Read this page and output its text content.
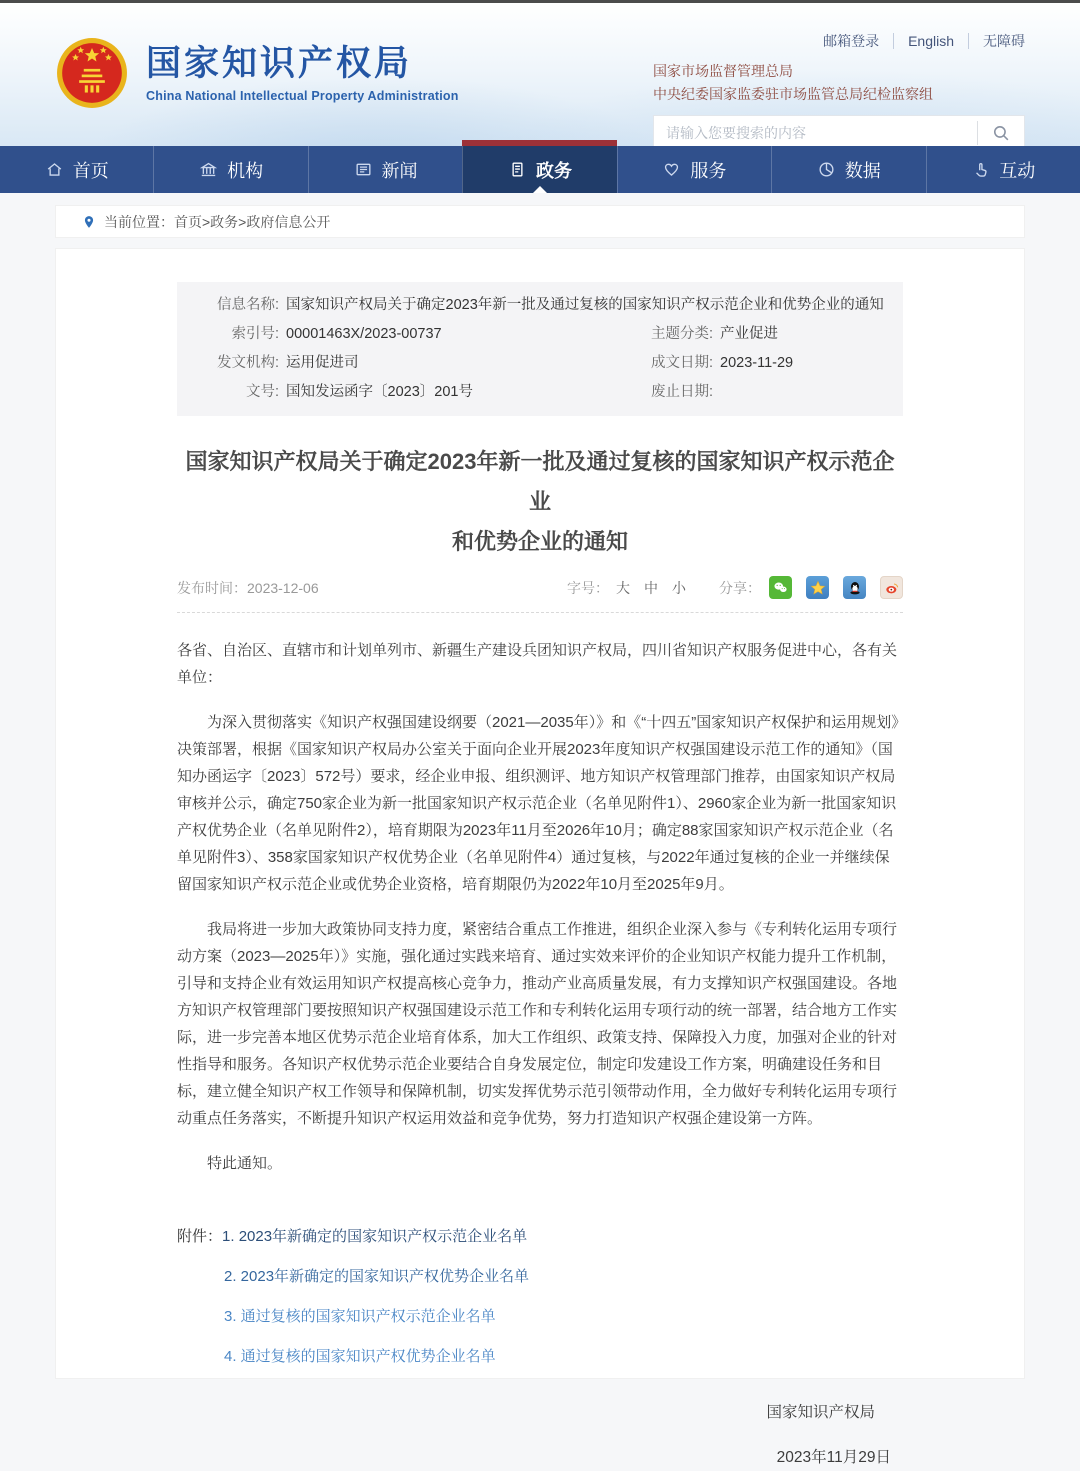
国家知识产权局
China National Intellectual Property Administration
邮箱登录 English 无障碍
国家市场监督管理总局
中央纪委国家监委驻市场监管总局纪检监察组
请输入您要搜索的内容
首页	机构	新闻	政务	服务	数据	互动
当前位置： 首页>政务>政府信息公开
信息名称: 国家知识产权局关于确定2023年新一批及通过复核的国家知识产权示范企业和优势企业的通知
索引号: 00001463X/2023-00737	主题分类: 产业促进
发文机构: 运用促进司	成文日期: 2023-11-29
文号: 国知发运函字〔2023〕201号	废止日期:
国家知识产权局关于确定2023年新一批及通过复核的国家知识产权示范企业
和优势企业的通知
发布时间：2023-12-06	字号： 大 中 小 分享：

各省、自治区、直辖市和计划单列市、新疆生产建设兵团知识产权局，四川省知识产权服务促进中心，各有关单位：

为深入贯彻落实《知识产权强国建设纲要（2021—2035年）》和《“十四五”国家知识产权保护和运用规划》决策部署，根据《国家知识产权局办公室关于面向企业开展2023年度知识产权强国建设示范工作的通知》（国知办函运字〔2023〕572号）要求，经企业申报、组织测评、地方知识产权管理部门推荐，由国家知识产权局审核并公示，确定750家企业为新一批国家知识产权示范企业（名单见附件1）、2960家企业为新一批国家知识产权优势企业（名单见附件2），培育期限为2023年11月至2026年10月；确定88家国家知识产权示范企业（名单见附件3）、358家国家知识产权优势企业（名单见附件4）通过复核，与2022年通过复核的企业一并继续保留国家知识产权示范企业或优势企业资格，培育期限仍为2022年10月至2025年9月。

我局将进一步加大政策协同支持力度，紧密结合重点工作推进，组织企业深入参与《专利转化运用专项行动方案（2023—2025年）》实施，强化通过实践来培育、通过实效来评价的企业知识产权能力提升工作机制，引导和支持企业有效运用知识产权提高核心竞争力，推动产业高质量发展，有力支撑知识产权强国建设。各地方知识产权管理部门要按照知识产权强国建设示范工作和专利转化运用专项行动的统一部署，结合地方工作实际，进一步完善本地区优势示范企业培育体系，加大工作组织、政策支持、保障投入力度，加强对企业的针对性指导和服务。各知识产权优势示范企业要结合自身发展定位，制定印发建设工作方案，明确建设任务和目标，建立健全知识产权工作领导和保障机制，切实发挥优势示范引领带动作用，全力做好专利转化运用专项行动重点任务落实，不断提升知识产权运用效益和竞争优势，努力打造知识产权强企建设第一方阵。

特此通知。

附件：1. 2023年新确定的国家知识产权示范企业名单
2. 2023年新确定的国家知识产权优势企业名单
3. 通过复核的国家知识产权示范企业名单
4. 通过复核的国家知识产权优势企业名单
国家知识产权局
2023年11月29日
